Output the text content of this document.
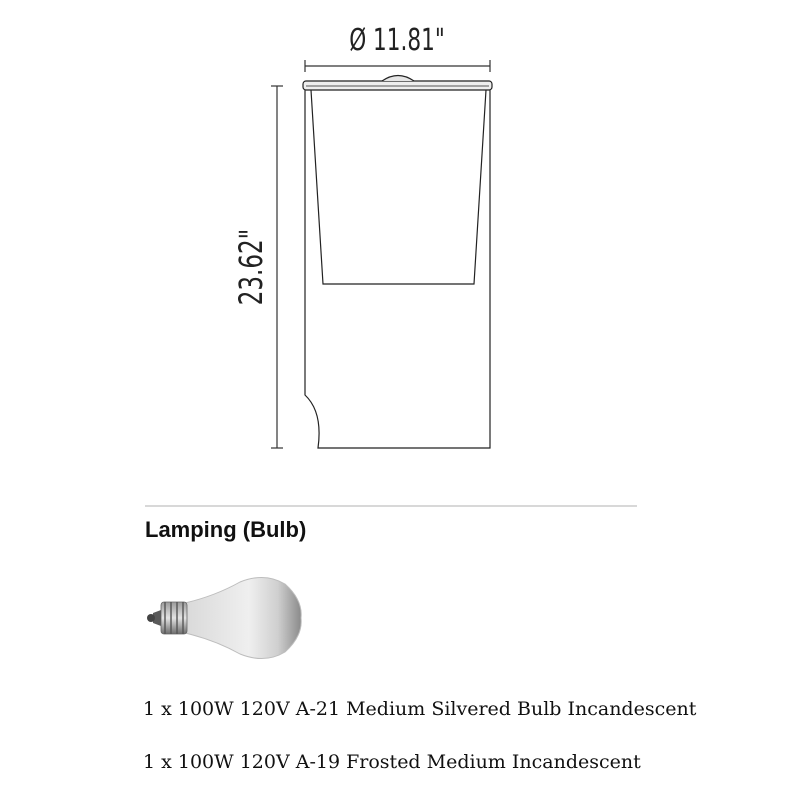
Ø 11.81"
23.62"
Lamping (Bulb)
1 x 100W 120V A-21 Medium Silvered Bulb Incandescent
1 x 100W 120V A-19 Frosted Medium Incandescent
